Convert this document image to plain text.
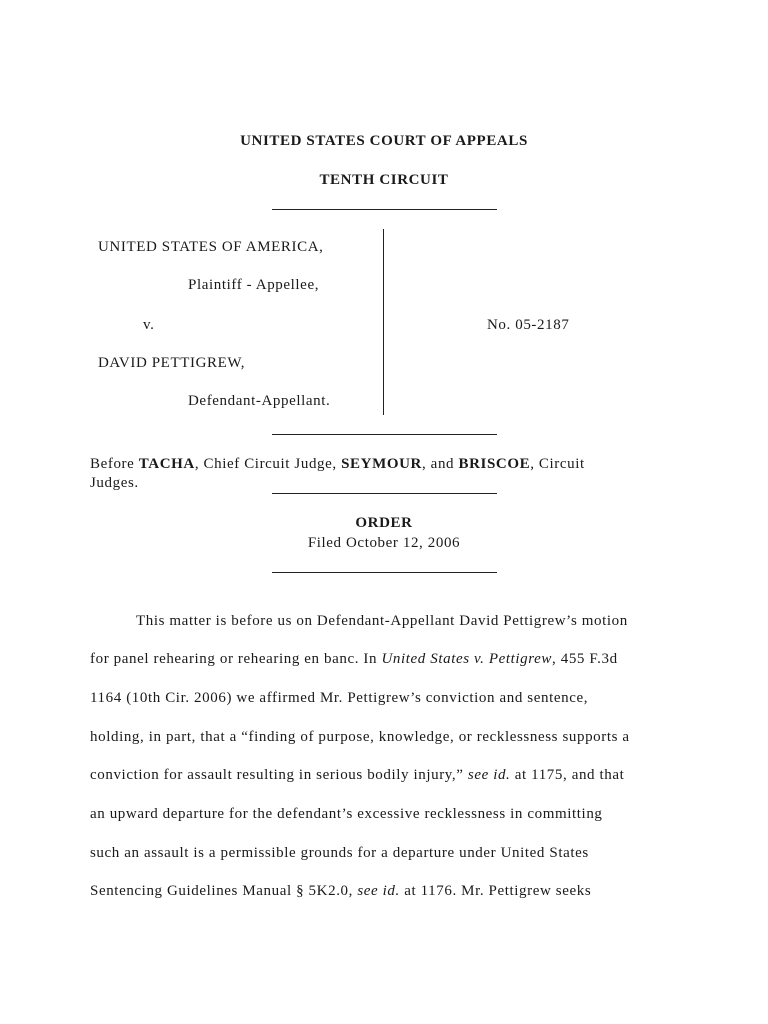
UNITED STATES COURT OF APPEALS

TENTH CIRCUIT

UNITED STATES OF AMERICA,

Plaintiff - Appellee,

v.

DAVID PETTIGREW,

Defendant-Appellant.

No. 05-2187

Before TACHA, Chief Circuit Judge, SEYMOUR, and BRISCOE, Circuit

Judges.

ORDER

Filed October 12, 2006

This matter is before us on Defendant-Appellant David Pettigrew’s motion

for panel rehearing or rehearing en banc. In United States v. Pettigrew, 455 F.3d

1164 (10th Cir. 2006) we affirmed Mr. Pettigrew’s conviction and sentence,

holding, in part, that a “finding of purpose, knowledge, or recklessness supports a

conviction for assault resulting in serious bodily injury,” see id. at 1175, and that

an upward departure for the defendant’s excessive recklessness in committing

such an assault is a permissible grounds for a departure under United States

Sentencing Guidelines Manual § 5K2.0, see id. at 1176. Mr. Pettigrew seeks
